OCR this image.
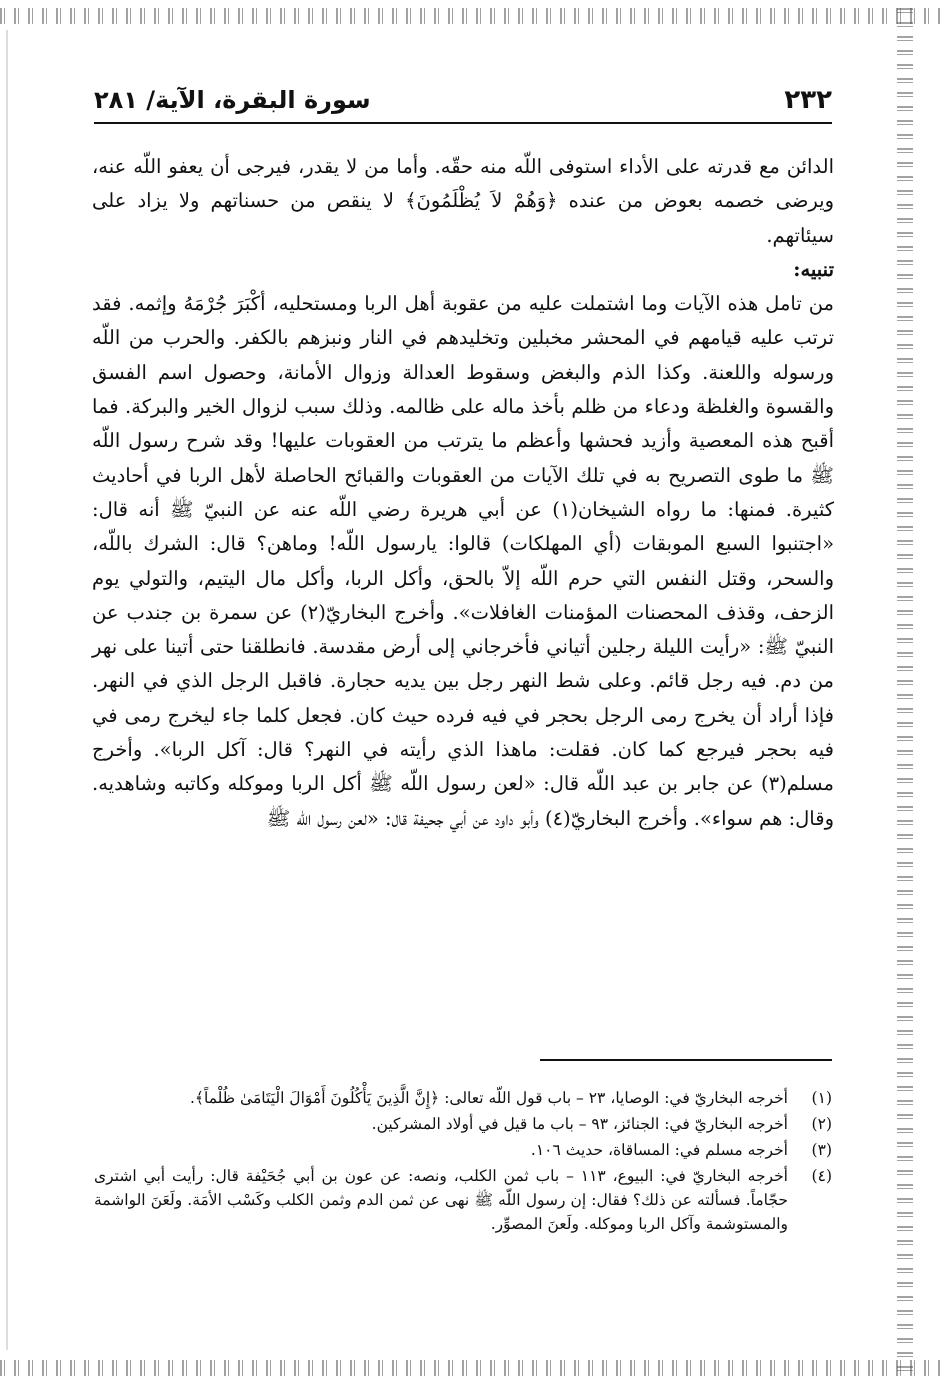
٢٣٢
سورة البقرة، الآية/ ٢٨١

الدائن مع قدرته على الأداء استوفى اللّه منه حقّه. وأما من لا يقدر، فيرجى أن يعفو اللّه عنه، ويرضى خصمه بعوض من عنده ﴿وَهُمْ لاَ يُظْلَمُونَ﴾ لا ينقص من حسناتهم ولا يزاد على سيئاتهم.

تنبيه:

من تامل هذه الآيات وما اشتملت عليه من عقوبة أهل الربا ومستحليه، أكْبَرَ جُرْمَهُ وإثمه. فقد ترتب عليه قيامهم في المحشر مخبلين وتخليدهم في النار ونبزهم بالكفر. والحرب من اللّه ورسوله واللعنة. وكذا الذم والبغض وسقوط العدالة وزوال الأمانة، وحصول اسم الفسق والقسوة والغلظة ودعاء من ظلم بأخذ ماله على ظالمه. وذلك سبب لزوال الخير والبركة. فما أقبح هذه المعصية وأزيد فحشها وأعظم ما يترتب من العقوبات عليها! وقد شرح رسول اللّه ﷺ ما طوى التصريح به في تلك الآيات من العقوبات والقبائح الحاصلة لأهل الربا في أحاديث كثيرة. فمنها: ما رواه الشيخان(١) عن أبي هريرة رضي اللّه عنه عن النبيّ ﷺ أنه قال: «اجتنبوا السبع الموبقات (أي المهلكات) قالوا: يارسول اللّه! وماهن؟ قال: الشرك باللّه، والسحر، وقتل النفس التي حرم اللّه إلاّ بالحق، وأكل الربا، وأكل مال اليتيم، والتولي يوم الزحف، وقذف المحصنات المؤمنات الغافلات». وأخرج البخاريّ(٢) عن سمرة بن جندب عن النبيّ ﷺ: «رأيت الليلة رجلين أتياني فأخرجاني إلى أرض مقدسة. فانطلقنا حتى أتينا على نهر من دم. فيه رجل قائم. وعلى شط النهر رجل بين يديه حجارة. فاقبل الرجل الذي في النهر. فإذا أراد أن يخرج رمى الرجل بحجر في فيه فرده حيث كان. فجعل كلما جاء ليخرج رمى في فيه بحجر فيرجع كما كان. فقلت: ماهذا الذي رأيته في النهر؟ قال: آكل الربا». وأخرج مسلم(٣) عن جابر بن عبد اللّه قال: «لعن رسول اللّه ﷺ أكل الربا وموكله وكاتبه وشاهديه. وقال: هم سواء». وأخرج البخاريّ(٤) وأبو داود عن أبي جحيفة قال: «لعن رسول اللّه ﷺ

(١)
أخرجه البخاريّ في: الوصايا، ٢٣ – باب قول اللّه تعالى: ﴿إِنَّ الَّذِينَ يَأْكُلُونَ أَمْوَالَ الْيَتَامَىٰ ظُلْماً﴾.
(٢)
أخرجه البخاريّ في: الجنائز، ٩٣ – باب ما قيل في أولاد المشركين.
(٣)
أخرجه مسلم في: المساقاة، حديث ١٠٦.
(٤)
أخرجه البخاريّ في: البيوع، ١١٣ – باب ثمن الكلب، ونصه: عن عون بن أبي جُحَيْفة قال: رأيت أبي اشترى حجّاماً. فسألته عن ذلك؟ فقال: إن رسول اللّه ﷺ نهى عن ثمن الدم وثمن الكلب وكَسْب الأمَة. ولَعَنَ الواشمة والمستوشمة وآكل الربا وموكله. ولَعنَ المصوِّر.
